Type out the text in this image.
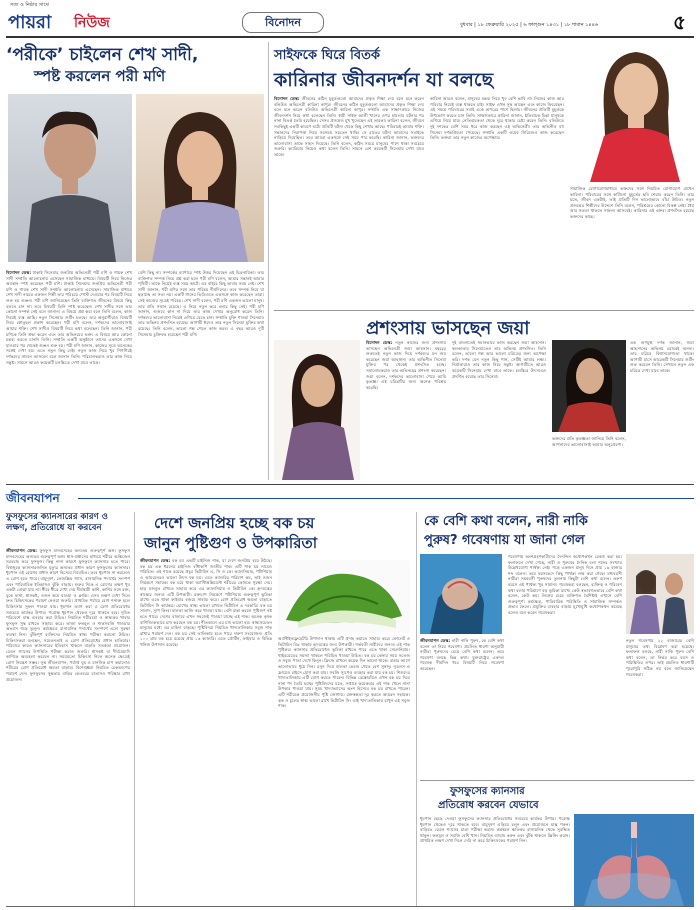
সত্য ও নিষ্ঠার সাথে
পায়রা নিউজ	বিনোদন	বুধবার | ১৮ ফেব্রুয়ারি ২০২৫ | ৬ ফাল্গুন ১৪৩১ | ১৮ শাবান ১৪৪৬	৫
‘পরীকে’ চাইলেন শেখ সাদী,
স্পষ্ট করলেন পরী মণি
বিনোদন ডেস্ক: ঢাকাই সিনেমার জনপ্রিয় অভিনেত্রী পরী মণি ও গায়ক শেখ সাদী সম্প্রতি আলোচনায় এসেছেন সামাজিক মাধ্যমে। বিষয়টি নিয়ে নিজের অবস্থান স্পষ্ট করেছেন পরী মণি। ঢাকাই সিনেমার জনপ্রিয় অভিনেত্রী পরী মণি ও গায়ক শেখ সাদী সম্প্রতি আলোচনায় এসেছেন। সামাজিক মাধ্যমে শেখ সাদী নামের একজন শিল্পী তার পরিচয়ে পোস্ট দেওয়ার পর বিষয়টি নিয়ে শুরু হয় গুঞ্জন। পরী মণি জানিয়েছেন তিনি ব্যক্তিগত জীবনের বিষয়ে কিছু বলতে চান না। তবে বিষয়টি তিনি স্পষ্ট করেছেন। শেখ সাদীর সঙ্গে তার কোনো সম্পর্ক নেই বলে জানান। এ বিষয়ে প্রশ্ন করা হলে তিনি বলেন, কাজ নিয়েই ব্যস্ত আছি। নতুন সিনেমার শুটিং চলছে। তার অনুরাগীরাও বিষয়টি নিয়ে কৌতূহল প্রকাশ করেছেন। পরী মণি বলেন, দর্শকদের ভালোবাসাই আমার শক্তি। শেখ সাদীও বিষয়টি নিয়ে কথা বলেছেন। তিনি জানান, পরী মণিকে তিনি শ্রদ্ধা করেন এবং তার অভিনয়ের ভক্ত। এ বিষয়ে আর কোনো মন্তব্য করতে চাননি তিনি। সম্প্রতি একটি অনুষ্ঠানে তাদের একসঙ্গে দেখা যাওয়ার পর থেকেই গুঞ্জন শুরু হয়। পরী মণি জানান, কাজের সূত্রে অনেকের সঙ্গেই দেখা হয়। এতে নতুন কিছু নেই। নতুন কাজ নিয়ে খুব শিগগিরই দর্শকদের সামনে আসবেন বলে জানান তিনি। পরিচালকরাও তার কাজ নিয়ে সন্তুষ্ট। সামনে আরও কয়েকটি চলচ্চিত্রে দেখা যাবে তাকে।
বেশি কিছু না। সম্পর্কের ব্যাপারে স্পষ্ট উত্তর দিয়েছেন এই চিত্রনায়িকা। তার ব্যক্তিগত সম্পর্ক নিয়ে প্রশ্ন করা হলে পরী মণি বলেন, আমার সন্তানই আমার পৃথিবী। তাকে নিয়েই ব্যস্ত সময় কাটে। এর বাইরে কিছু ভাবার সময় নেই। শেখ সাদী জানান, পরী মণির সঙ্গে তার পরিচয় দীর্ঘদিনের। তবে সম্পর্ক নিয়ে যা ছড়াচ্ছে তা সত্য নয়। একটি গানের ভিডিওতে একসঙ্গে কাজ করেছেন তারা। সেই কাজের সূত্রেই পরিচয়। শেখ সাদী বলেন, পরী মণি একজন ভালো মানুষ। তার প্রতি সম্মান রয়েছে। এ নিয়ে নতুন করে বলার কিছু নেই। পরী মণি জানান, গুজবে কান না দিয়ে তার কাজ দেখার অনুরোধ করেন তিনি। দর্শকদের ভালোবাসা নিয়েই এগিয়ে যেতে চান। সম্প্রতি মুক্তি পাওয়া সিনেমায় তার অভিনয় প্রশংসিত হয়েছে। আগামী ঈদেও তার নতুন সিনেমা মুক্তির কথা রয়েছে। তিনি বলেন, ভালো গল্প পেলে কাজ করব। এ বছর আরও দুটি সিনেমায় চুক্তিবদ্ধ হয়েছেন পরী মণি।
সাইফকে ঘিরে বিতর্ক
কারিনার জীবনদর্শন যা বলছে
বিনোদন ডেস্ক: জীবনের কঠিন মুহূর্তগুলো আমাদের প্রকৃত শিক্ষা দেয় বলে মনে করেন বলিউড অভিনেত্রী কারিনা কাপুর। জীবনের কঠিন মুহূর্তগুলো আমাদের প্রকৃত শিক্ষা দেয় বলে মনে করেন বলিউড অভিনেত্রী কারিনা কাপুর। সম্প্রতি এক সাক্ষাৎকারে নিজের জীবনদর্শন নিয়ে কথা বলেছেন তিনি। স্বামী সাইফ আলী খানের ওপর হামলার ঘটনার পর নানা বিতর্ক তৈরি হয়েছিল। সেসব প্রসঙ্গেও মুখ খুলেছেন এই তারকা। কারিনা বলেন, জীবনে সবকিছুই একটি কারণে ঘটে। প্রতিটি ঘটনা থেকে কিছু শেখার আছে। পরিবারই আমার শক্তি। সন্তানদের নিরাপত্তা নিয়ে সবসময় সচেতন থাকি। সে রাতের ঘটনা আমাদের সবাইকে নাড়িয়ে দিয়েছিল। তবে আমরা একসঙ্গে সেই সময় পার করেছি। কারিনা জানান, ভক্তদের ভালোবাসা তাকে সাহস দিয়েছে। তিনি বলেন, কঠিন সময়ে মানুষের পাশে থাকা সবচেয়ে জরুরি। ক্যারিয়ার নিয়েও কথা বলেন তিনি। সামনে বেশ কয়েকটি সিনেমায় দেখা যাবে তাকে।
কারিনা আরও বলেন, মানুষের মন্তব্য নিয়ে খুব বেশি ভাবি না। নিজের কাজ আর পরিবার নিয়েই ব্যস্ত থাকতে চাই। সাইফ এখন সুস্থ আছেন এবং কাজে ফিরেছেন। এই সময়ে পরিবারের সবাই একে অপরের পাশে ছিলাম। জীবনের প্রতিটি মুহূর্তকে উপভোগ করতে চান তিনি। সাক্ষাৎকারে কারিনা জানান, ইতিবাচক চিন্তা মানুষকে এগিয়ে নিয়ে যায়। নেতিবাচকতা থেকে দূরে থাকার চেষ্টা করেন তিনি। বলিউডে দুই দশকের বেশি সময় ধরে কাজ করছেন এই অভিনেত্রী। তার অভিনীত বহু সিনেমা দর্শকপ্রিয়তা পেয়েছে। সম্প্রতি একটি ওয়েব সিরিজেও কাজ করেছেন তিনি। ভক্তরা তার নতুন কাজের অপেক্ষায়।
সামাজিক যোগাযোগমাধ্যমে ভক্তদের সঙ্গে নিয়মিত যোগাযোগ রাখেন কারিনা। পরিবারের সঙ্গে কাটানো মুহূর্তের ছবি শেয়ার করেন তিনি। তার মতে, জীবন একটাই, তাই প্রতিটি দিন ভালোভাবে বাঁচা উচিত। নতুন প্রজন্মের শিল্পীদের উদ্দেশে তিনি বলেন, পরিশ্রমের কোনো বিকল্প নেই। ধৈর্য আর সততা থাকলে সাফল্য আসবেই। কারিনার এই বক্তব্য প্রশংসিত হয়েছে ভক্তদের কাছে।
প্রশংসায় ভাসছেন জয়া
বিনোদন ডেস্ক: নতুন কাজের জন্য প্রশংসায় ভাসছেন অভিনেত্রী জয়া আহসান। বছরের শুরুতেই নতুন কাজ দিয়ে দর্শকদের মন জয় করেছেন জয়া আহসান। তার অভিনীত সিনেমা মুক্তির পর থেকেই প্রশংসিত হচ্ছে। সমালোচকরাও তার অভিনয়ের প্রশংসা করেছেন। জয়া বলেন, দর্শকদের ভালোবাসা পেয়ে আমি কৃতজ্ঞ। এই চরিত্রটির জন্য অনেক পরিশ্রম করেছি।
দুই বাংলাতেই সমানভাবে কাজ করছেন জয়া আহসান। কলকাতার সিনেমাতেও তার অভিনয় প্রশংসিত। তিনি বলেন, ভালো গল্প আর ভালো চরিত্রের জন্য অপেক্ষা করি। দর্শক যেন নতুন কিছু পান, সেটিই আমার লক্ষ্য। নির্মাতারাও তার কাজ নিয়ে সন্তুষ্ট। আগামীতে আরও কয়েকটি সিনেমায় দেখা যাবে তাকে। চলচ্চিত্র উৎসবেও প্রদর্শিত হয়েছে তার সিনেমা।
এক গুণমুগ্ধ দর্শক জানান, জয়া আহসানের অভিনয় বরাবরই অনন্য। তার চরিত্রে বিশ্বাসযোগ্যতা থাকে। আগামী মাসে আরেকটি সিনেমার শুটিং শুরু করবেন তিনি। সেখানে নতুন এক চরিত্রে দেখা যাবে তাকে।
ভক্তদের প্রতি কৃতজ্ঞতা জানিয়ে তিনি বলেন, আপনাদের ভালোবাসাই আমার অনুপ্রেরণা।
জীবনযাপন
ফুসফুসের ক্যানসারের কারণ ও লক্ষণ, প্রতিরোধে যা করবেন
জীবনযাপন ডেস্ক: ফুসফুস মানবদেহের অন্যতম গুরুত্বপূর্ণ অঙ্গ। ফুসফুস মানবদেহের অন্যতম গুরুত্বপূর্ণ অঙ্গ। শ্বাস-প্রশ্বাসের মাধ্যমে শরীরে অক্সিজেন সরবরাহ করে ফুসফুস। কিন্তু নানা কারণে ফুসফুসে ক্যানসার হতে পারে। বিশ্বজুড়ে ক্যানসারজনিত মৃত্যুর অন্যতম প্রধান কারণ ফুসফুসের ক্যানসার। ধূমপান এই রোগের প্রধান কারণ হিসেবে বিবেচিত। তবে ধূমপান না করলেও এ রোগ হতে পারে। বায়ুদূষণ, তেজস্ক্রিয় গ্যাস, রাসায়নিক পদার্থের সংস্পর্শ এবং পারিবারিক ইতিহাসও ঝুঁকি বাড়ায়। শুরুর দিকে এ রোগের লক্ষণ খুব একটা বোঝা যায় না। ধীরে ধীরে দেখা দেয় দীর্ঘস্থায়ী কাশি, কাশির সঙ্গে রক্ত, বুকে ব্যথা, শ্বাসকষ্ট, ওজন কমে যাওয়া ও ক্লান্তি। এসব লক্ষণ দেখা দিলে দ্রুত চিকিৎসকের পরামর্শ নেওয়া জরুরি। প্রাথমিক পর্যায়ে রোগ শনাক্ত হলে চিকিৎসায় সুফল পাওয়া যায়। ধূমপান ত্যাগ করা এ রোগ প্রতিরোধের সবচেয়ে কার্যকর উপায়। পরোক্ষ ধূমপান থেকেও দূরে থাকতে হবে। দূষিত পরিবেশে মাস্ক ব্যবহার করা উচিত। নিয়মিত শরীরচর্চা ও স্বাস্থ্যকর খাবার ফুসফুস সুস্থ রাখতে সাহায্য করে। তাজা ফলমূল ও শাকসবজি খাওয়ার অভ্যাস গড়ে তুলুন। কর্মক্ষেত্রে রাসায়নিক পদার্থের সংস্পর্শে এলে সুরক্ষা ব্যবস্থা নিন। ঝুঁকিপূর্ণ ব্যক্তিদের নিয়মিত স্বাস্থ্য পরীক্ষা করানো উচিত। চিকিৎসকরা বলছেন, সচেতনতাই এ রোগ প্রতিরোধের প্রধান হাতিয়ার। পরিবারে কারও ক্যানসারের ইতিহাস থাকলে বাড়তি সতর্কতা প্রয়োজন। রেডন গ্যাসের উপস্থিতি পরীক্ষা করাও জরুরি। শ্বাসকষ্ট বা দীর্ঘমেয়াদি কাশিকে অবহেলা করবেন না। সময়মতো চিকিৎসা নিলে অনেক ক্ষেত্রেই রোগ নিয়ন্ত্রণ সম্ভব। সুস্থ জীবনযাপন, পর্যাপ্ত ঘুম ও মানসিক চাপ কমানোও শরীরের রোগ প্রতিরোধ ক্ষমতা বাড়ায়। বিশেষজ্ঞরা নিয়মিত চেকআপের পরামর্শ দেন। ফুসফুসের সুস্থতায় বাড়ির ভেতরের বাতাসও পরিষ্কার রাখা প্রয়োজন।
দেশে জনপ্রিয় হচ্ছে বক চয়
জানুন পুষ্টিগুণ ও উপকারিতা
জীবনযাপন ডেস্ক: বক চয় একটি চাইনিজ শাক, যা দেশে জনপ্রিয় হয়ে উঠছে। বক চয় এক ধরনের চাইনিজ বাঁধাকপি জাতীয় শাক। এটি পাক চয় নামেও পরিচিত। এই শাকে রয়েছে প্রচুর ভিটামিন এ, সি ও কে। ক্যালসিয়াম, পটাশিয়াম ও আয়রনেরও ভালো উৎস বক চয়। এতে ক্যালরির পরিমাণ কম, তাই ওজন নিয়ন্ত্রণে সহায়ক। বক চয়ে থাকা অ্যান্টিঅক্সিডেন্ট শরীরের কোষকে সুরক্ষা দেয়। হাড় মজবুত রাখতে সাহায্য করে এর ক্যালসিয়াম ও ভিটামিন কে। হৃদযন্ত্রের স্বাস্থ্যের জন্যও এটি উপকারী। রক্তচাপ নিয়ন্ত্রণে পটাশিয়াম গুরুত্বপূর্ণ ভূমিকা রাখে। এতে থাকা ফাইবার হজমে সাহায্য করে। রোগ প্রতিরোধ ক্ষমতা বাড়াতে ভিটামিন সি কার্যকর। চোখের স্বাস্থ্য ভালো রাখতে ভিটামিন এ দরকারি। বক চয় সালাদ, স্যুপ কিংবা হালকা ভাজি করে খাওয়া যায়। বেশি রান্না করলে পুষ্টিগুণ নষ্ট হতে পারে। দেশের বাজারে এখন সহজেই পাওয়া যাচ্ছে এই শাক। অনেক কৃষক বাণিজ্যিকভাবে চাষ করছেন বক চয়। শীতকালে এর চাষ ভালো হয়। স্বাস্থ্যসচেতন মানুষের মধ্যে এর চাহিদা বাড়ছে। পুষ্টিবিদরা নিয়মিত খাদ্যতালিকায় সবুজ শাক রাখার পরামর্শ দেন। বক চয় সেই তালিকায় হতে পারে দারুণ সংযোজন। প্রতি ১০০ গ্রাম বক চয়ে রয়েছে প্রায় ১৩ ক্যালরি। এতে প্রোটিন, ফাইবার ও বিভিন্ন খনিজ উপাদান রয়েছে।
অ্যান্টিইনফ্লেমেটরি উপাদান থাকায় এটি প্রদাহ কমাতে সাহায্য করে। ফোলেট ও ভিটামিন বি৬ থাকায় হৃদযন্ত্রের জন্য উপকারী। গর্ভবতী নারীদের জন্যও এই শাক পুষ্টিকর। ক্যানসার প্রতিরোধেও ভূমিকা রাখতে পারে এতে থাকা সেলেনিয়াম। থাইরয়েডের সমস্যা থাকলে পরিমিত খাওয়া উচিত। বক চয় কেনার সময় সতেজ ও সবুজ পাতা দেখে কিনুন। ফ্রিজে রাখলে কয়েক দিন ভালো থাকে। রান্নার আগে ভালোভাবে ধুয়ে নিন। রসুন দিয়ে হালকা ভেজে খেতে বেশ সুস্বাদু। নুডলস ও ফ্রায়েড রাইসে যোগ করা যায়। সবজি স্যুপেও ব্যবহার করা যায় বক চয়। শিশুদের খাদ্যতালিকায় এটি যোগ করতে পারেন। বিভিন্ন রেস্তোরাঁয়ও এখন বক চয় দিয়ে নানা পদ তৈরি হচ্ছে। পুষ্টিবিদদের মতে, সপ্তাহে কয়েকবার এই শাক খেলে নানা উপকার পাওয়া যায়। সুষম খাদ্যাভ্যাসের অংশ হিসেবে বক চয় রাখতে পারেন। এটি শরীরকে প্রয়োজনীয় পুষ্টি জোগায়। রক্তস্বল্পতা দূর করতে আয়রন সহায়ক। ত্বক ও চুলের স্বাস্থ্য ভালো রাখে ভিটামিন সি। তাই খাদ্যতালিকায় রাখুন এই সবুজ শাক।
কে বেশি কথা বলেন, নারী নাকি
পুরুষ? গবেষণায় যা জানা গেল
জীবনযাপন ডেস্ক: নারী নাকি পুরুষ, কে বেশি কথা বলেন তা নিয়ে গবেষণা। প্রচলিত ধারণা অনুযায়ী নারীরা পুরুষদের চেয়ে বেশি কথা বলেন। তবে গবেষণা বলছে ভিন্ন কথা। যুক্তরাষ্ট্রের একদল গবেষক দীর্ঘদিন ধরে বিষয়টি নিয়ে গবেষণা করেছেন।
গবেষণায় অংশগ্রহণকারীদের দৈনন্দিন কথোপকথন রেকর্ড করা হয়। ফলাফলে দেখা গেছে, নারী ও পুরুষের দৈনিক বলা শব্দের সংখ্যায় উল্লেখযোগ্য পার্থক্য নেই। গড়ে একজন মানুষ দিনে প্রায় ১৬ হাজার শব্দ বলেন। তবে বয়সভেদে কিছু পার্থক্য লক্ষ করা গেছে। মধ্যবয়সী নারীরা সমবয়সী পুরুষদের তুলনায় কিছুটা বেশি কথা বলেন। তরুণ বয়সে এই পার্থক্য খুব সামান্য। গবেষকরা বলছেন, ব্যক্তিত্ব ও পরিবেশ কথা বলার পরিমাণে বড় ভূমিকা রাখে। কেউ স্বভাবগতভাবে বেশি কথা বলেন, কেউ কম। লিঙ্গের চেয়ে ব্যক্তিগত বৈশিষ্ট্যই এখানে বেশি গুরুত্বপূর্ণ। কর্মক্ষেত্র, পারিবারিক পরিস্থিতি ও সামাজিক সম্পর্কও প্রভাব ফেলে। প্রযুক্তির ব্যবহার বাড়ায় মুখোমুখি কথোপকথন কমেছে বলেও মনে করেন গবেষকরা।
নতুন গবেষণায় ২২ হাজারের বেশি মানুষের তথ্য বিশ্লেষণ করা হয়েছে। ফলাফল বলছে, নারী নাকি পুরুষ বেশি কথা বলেন, তা নির্ভর করে বয়স ও পরিস্থিতির ওপর। তাই প্রচলিত ধারণাটি পুরোপুরি সঠিক নয় বলে জানিয়েছেন গবেষকরা।
ফুসফুসের ক্যানসার
প্রতিরোধ করবেন যেভাবে
ধূমপান ছেড়ে দেওয়া ফুসফুসের ক্যানসার প্রতিরোধের সবচেয়ে কার্যকর উপায়। পরোক্ষ ধূমপান থেকেও দূরে থাকতে হবে। বায়ুদূষণ এড়িয়ে চলুন এবং প্রয়োজনে মাস্ক পরুন। বাড়িতে রেডন গ্যাসের মাত্রা পরীক্ষা করান। কর্মস্থলে ক্ষতিকর রাসায়নিক থেকে সুরক্ষিত থাকুন। ফলমূল ও সবজি বেশি খান। নিয়মিত ব্যায়াম করুন এবং ঝুঁকি থাকলে স্ক্রিনিং করান। প্রাথমিক লক্ষণ দেখা দিলে দেরি না করে চিকিৎসকের পরামর্শ নিন।
